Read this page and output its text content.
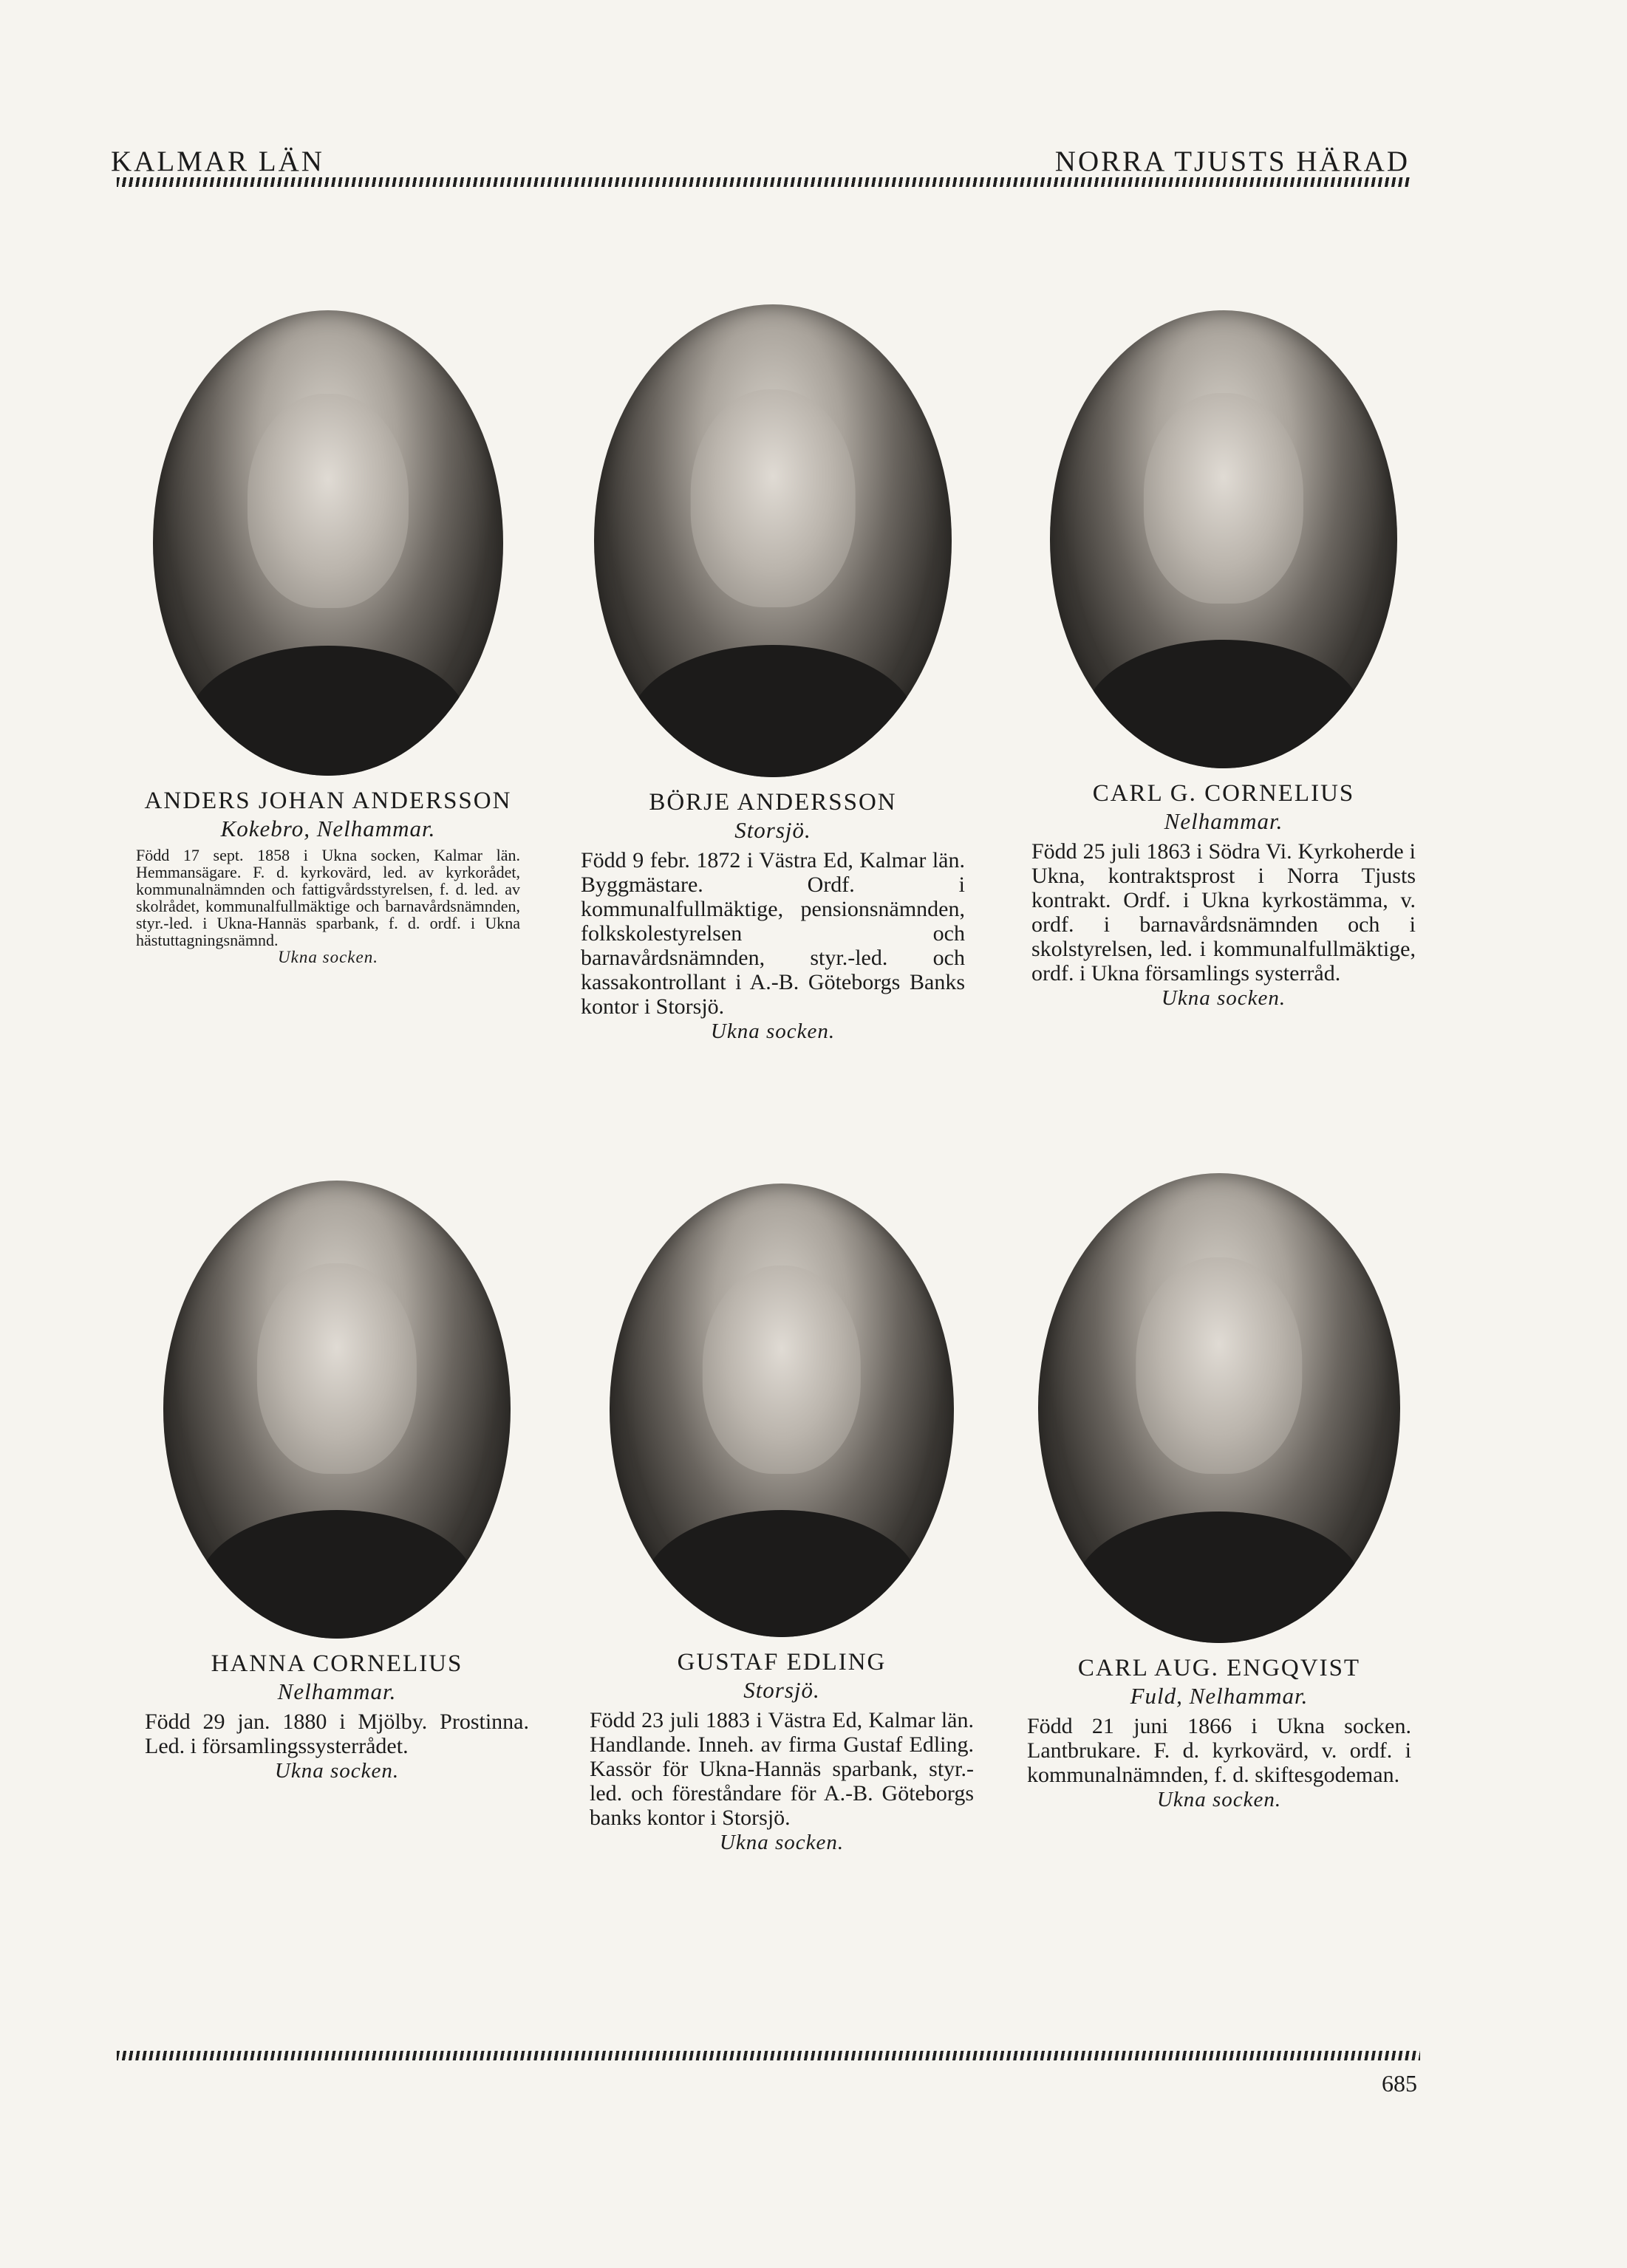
KALMAR LÄN	NORRA TJUSTS HÄRAD
ANDERS JOHAN ANDERSSON
Kokebro, Nelhammar.
Född 17 sept. 1858 i Ukna socken, Kalmar län. Hemmansägare. F. d. kyrkovärd, led. av kyrkorådet, kommunalnämnden och fattigvårdsstyrelsen, f. d. led. av skolrådet, kommunalfullmäktige och barnavårdsnämnden, styr.-led. i Ukna-Hannäs sparbank, f. d. ordf. i Ukna hästuttagningsnämnd.
Ukna socken.
BÖRJE ANDERSSON
Storsjö.
Född 9 febr. 1872 i Västra Ed, Kalmar län. Byggmästare. Ordf. i kommunalfullmäktige, pensionsnämnden, folkskolestyrelsen och barnavårdsnämnden, styr.-led. och kassakontrollant i A.-B. Göteborgs Banks kontor i Storsjö.
Ukna socken.
CARL G. CORNELIUS
Nelhammar.
Född 25 juli 1863 i Södra Vi. Kyrkoherde i Ukna, kontraktsprost i Norra Tjusts kontrakt. Ordf. i Ukna kyrkostämma, v. ordf. i barnavårdsnämnden och i skolstyrelsen, led. i kommunalfullmäktige, ordf. i Ukna församlings systerråd.
Ukna socken.
HANNA CORNELIUS
Nelhammar.
Född 29 jan. 1880 i Mjölby. Prostinna. Led. i församlingssysterrådet.
Ukna socken.
GUSTAF EDLING
Storsjö.
Född 23 juli 1883 i Västra Ed, Kalmar län. Handlande. Inneh. av firma Gustaf Edling. Kassör för Ukna-Hannäs sparbank, styr.-led. och föreståndare för A.-B. Göteborgs banks kontor i Storsjö.
Ukna socken.
CARL AUG. ENGQVIST
Fuld, Nelhammar.
Född 21 juni 1866 i Ukna socken. Lantbrukare. F. d. kyrkovärd, v. ordf. i kommunalnämnden, f. d. skiftesgodeman.
Ukna socken.
685
